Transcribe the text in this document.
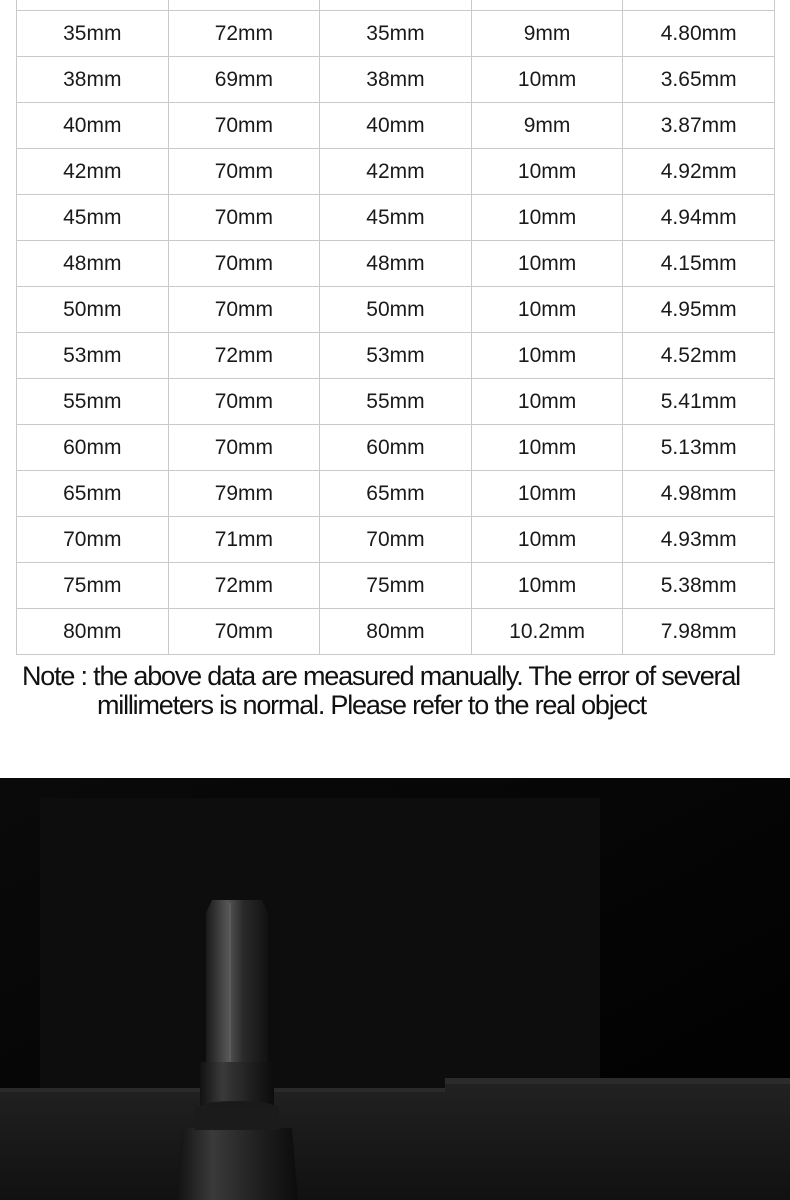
35mm	72mm	35mm	9mm	4.80mm
38mm	69mm	38mm	10mm	3.65mm
40mm	70mm	40mm	9mm	3.87mm
42mm	70mm	42mm	10mm	4.92mm
45mm	70mm	45mm	10mm	4.94mm
48mm	70mm	48mm	10mm	4.15mm
50mm	70mm	50mm	10mm	4.95mm
53mm	72mm	53mm	10mm	4.52mm
55mm	70mm	55mm	10mm	5.41mm
60mm	70mm	60mm	10mm	5.13mm
65mm	79mm	65mm	10mm	4.98mm
70mm	71mm	70mm	10mm	4.93mm
75mm	72mm	75mm	10mm	5.38mm
80mm	70mm	80mm	10.2mm	7.98mm
Note : the above data are measured manually. The error of several
millimeters is normal. Please refer to the real object
